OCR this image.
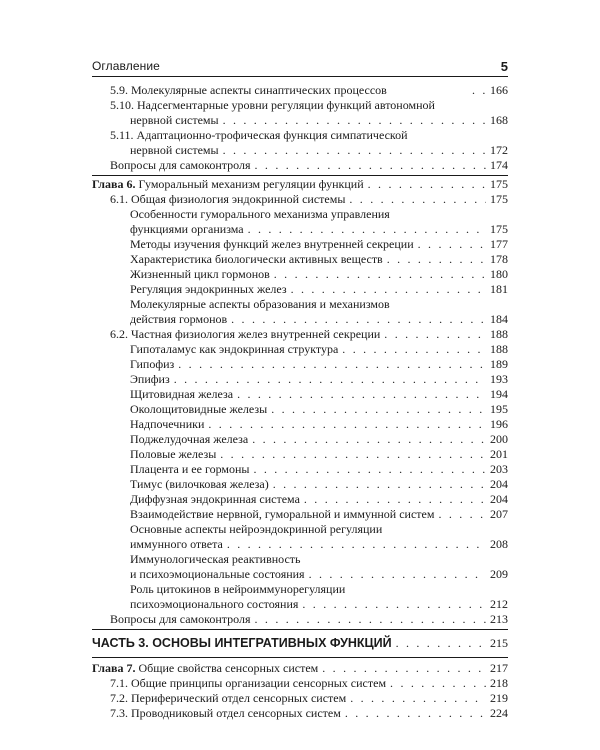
Оглавление	5
5.9. Молекулярные аспекты синаптических процессов . . .	166
5.10. Надсегментарные уровни регуляции функций автономной
нервной системы . . .	168
5.11. Адаптационно-трофическая функция симпатической
нервной системы . . .	172
Вопросы для самоконтроля . . .	174
Глава 6. Гуморальный механизм регуляции функций . . .	175
6.1. Общая физиология эндокринной системы . . .	175
Особенности гуморального механизма управления
функциями организма . . .	175
Методы изучения функций желез внутренней секреции . . .	177
Характеристика биологически активных веществ . . .	178
Жизненный цикл гормонов . . .	180
Регуляция эндокринных желез . . .	181
Молекулярные аспекты образования и механизмов
действия гормонов . . .	184
6.2. Частная физиология желез внутренней секреции . . .	188
Гипоталамус как эндокринная структура . . .	188
Гипофиз . . .	189
Эпифиз . . .	193
Щитовидная железа . . .	194
Околощитовидные железы . . .	195
Надпочечники . . .	196
Поджелудочная железа . . .	200
Половые железы . . .	201
Плацента и ее гормоны . . .	203
Тимус (вилочковая железа) . . .	204
Диффузная эндокринная система . . .	204
Взаимодействие нервной, гуморальной и иммунной систем . . .	207
Основные аспекты нейроэндокринной регуляции
иммунного ответа . . .	208
Иммунологическая реактивность
и психоэмоциональные состояния . . .	209
Роль цитокинов в нейроиммунорегуляции
психоэмоционального состояния . . .	212
Вопросы для самоконтроля . . .	213
ЧАСТЬ 3. ОСНОВЫ ИНТЕГРАТИВНЫХ ФУНКЦИЙ . . .	215
Глава 7. Общие свойства сенсорных систем . . .	217
7.1. Общие принципы организации сенсорных систем . . .	218
7.2. Периферический отдел сенсорных систем . . .	219
7.3. Проводниковый отдел сенсорных систем . . .	224
